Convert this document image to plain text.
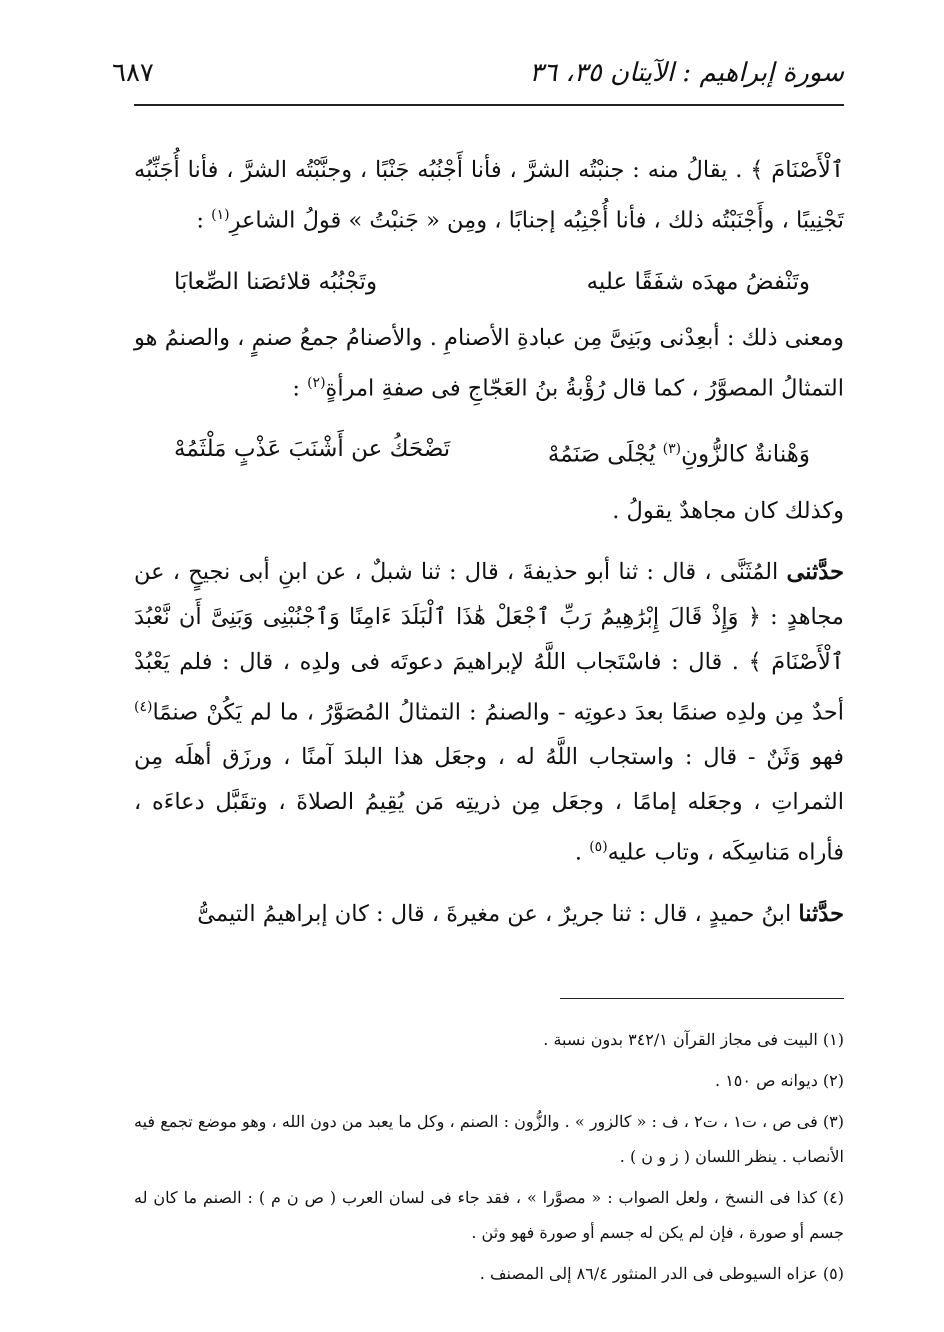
سورة إبراهيم : الآيتان ٣٥، ٣٦
٦٨٧

ٱلْأَصْنَامَ ﴾ . يقالُ منه : جنبْتُه الشرَّ ، فأنا أَجْنُبُه جَنْبًا ، وجنَّبْتُه الشرَّ ، فأنا أُجَنِّبُه تَجْنِيبًا ، وأَجْنَبْتُه ذلك ، فأنا أُجْنِبُه إجنابًا ، ومِن « جَنبْتُ » قولُ الشاعرِ$^{(١)}$ :

وتَنْفضُ مهدَه شفَقًا عليه
وتَجْنُبُه قلائصَنا الصِّعابَا

ومعنى ذلك : أبعِدْنى وبَنِىَّ مِن عبادةِ الأصنامِ . والأصنامُ جمعُ صنمٍ ، والصنمُ هو التمثالُ المصوَّرُ ، كما قال رُؤْبةُ بنُ العَجّاجِ فى صفةِ امرأةٍ$^{(٢)}$ :

وَهْنانةٌ كالزُّونِ$^{(٣)}$ يُجْلَى صَنَمُهْ
تَضْحَكُ عن أَشْنَبَ عَذْبٍ مَلْثَمُهْ

وكذلك كان مجاهدٌ يقولُ .

حدَّثنى المُثَنَّى ، قال : ثنا أبو حذيفةَ ، قال : ثنا شبلٌ ، عن ابنِ أبى نجيحٍ ، عن مجاهدٍ : ﴿ وَإِذْ قَالَ إِبْرَٰهِيمُ رَبِّ ٱجْعَلْ هَٰذَا ٱلْبَلَدَ ءَامِنًا وَٱجْنُبْنِى وَبَنِىَّ أَن نَّعْبُدَ ٱلْأَصْنَامَ ﴾ . قال : فاسْتَجاب اللَّهُ لإبراهيمَ دعوتَه فى ولدِه ، قال : فلم يَعْبُدْ أحدٌ مِن ولدِه صنمًا بعدَ دعوتِه - والصنمُ : التمثالُ المُصَوَّرُ ، ما لم يَكُنْ صنمًا$^{(٤)}$ فهو وَثَنٌ - قال : واستجاب اللَّهُ له ، وجعَل هذا البلدَ آمنًا ، ورزَق أهلَه مِن الثمراتِ ، وجعَله إمامًا ، وجعَل مِن ذريتِه مَن يُقِيمُ الصلاةَ ، وتقَبَّل دعاءَه ، فأراه مَناسِكَه ، وتاب عليه$^{(٥)}$ .

حدَّثنا ابنُ حميدٍ ، قال : ثنا جريرٌ ، عن مغيرةَ ، قال : كان إبراهيمُ التيمىُّ

(١) البيت فى مجاز القرآن ٣٤٢/١ بدون نسبة .

(٢) ديوانه ص ١٥٠ .

(٣) فى ص ، ت١ ، ت٢ ، ف : « كالزور » . والزُّون : الصنم ، وكل ما يعبد من دون الله ، وهو موضع تجمع فيه الأنصاب . ينظر اللسان ( ز و ن ) .

(٤) كذا فى النسخ ، ولعل الصواب : « مصوَّرا » ، فقد جاء فى لسان العرب ( ص ن م ) : الصنم ما كان له جسم أو صورة ، فإن لم يكن له جسم أو صورة فهو وثن .

(٥) عزاه السيوطى فى الدر المنثور ٨٦/٤ إلى المصنف .
